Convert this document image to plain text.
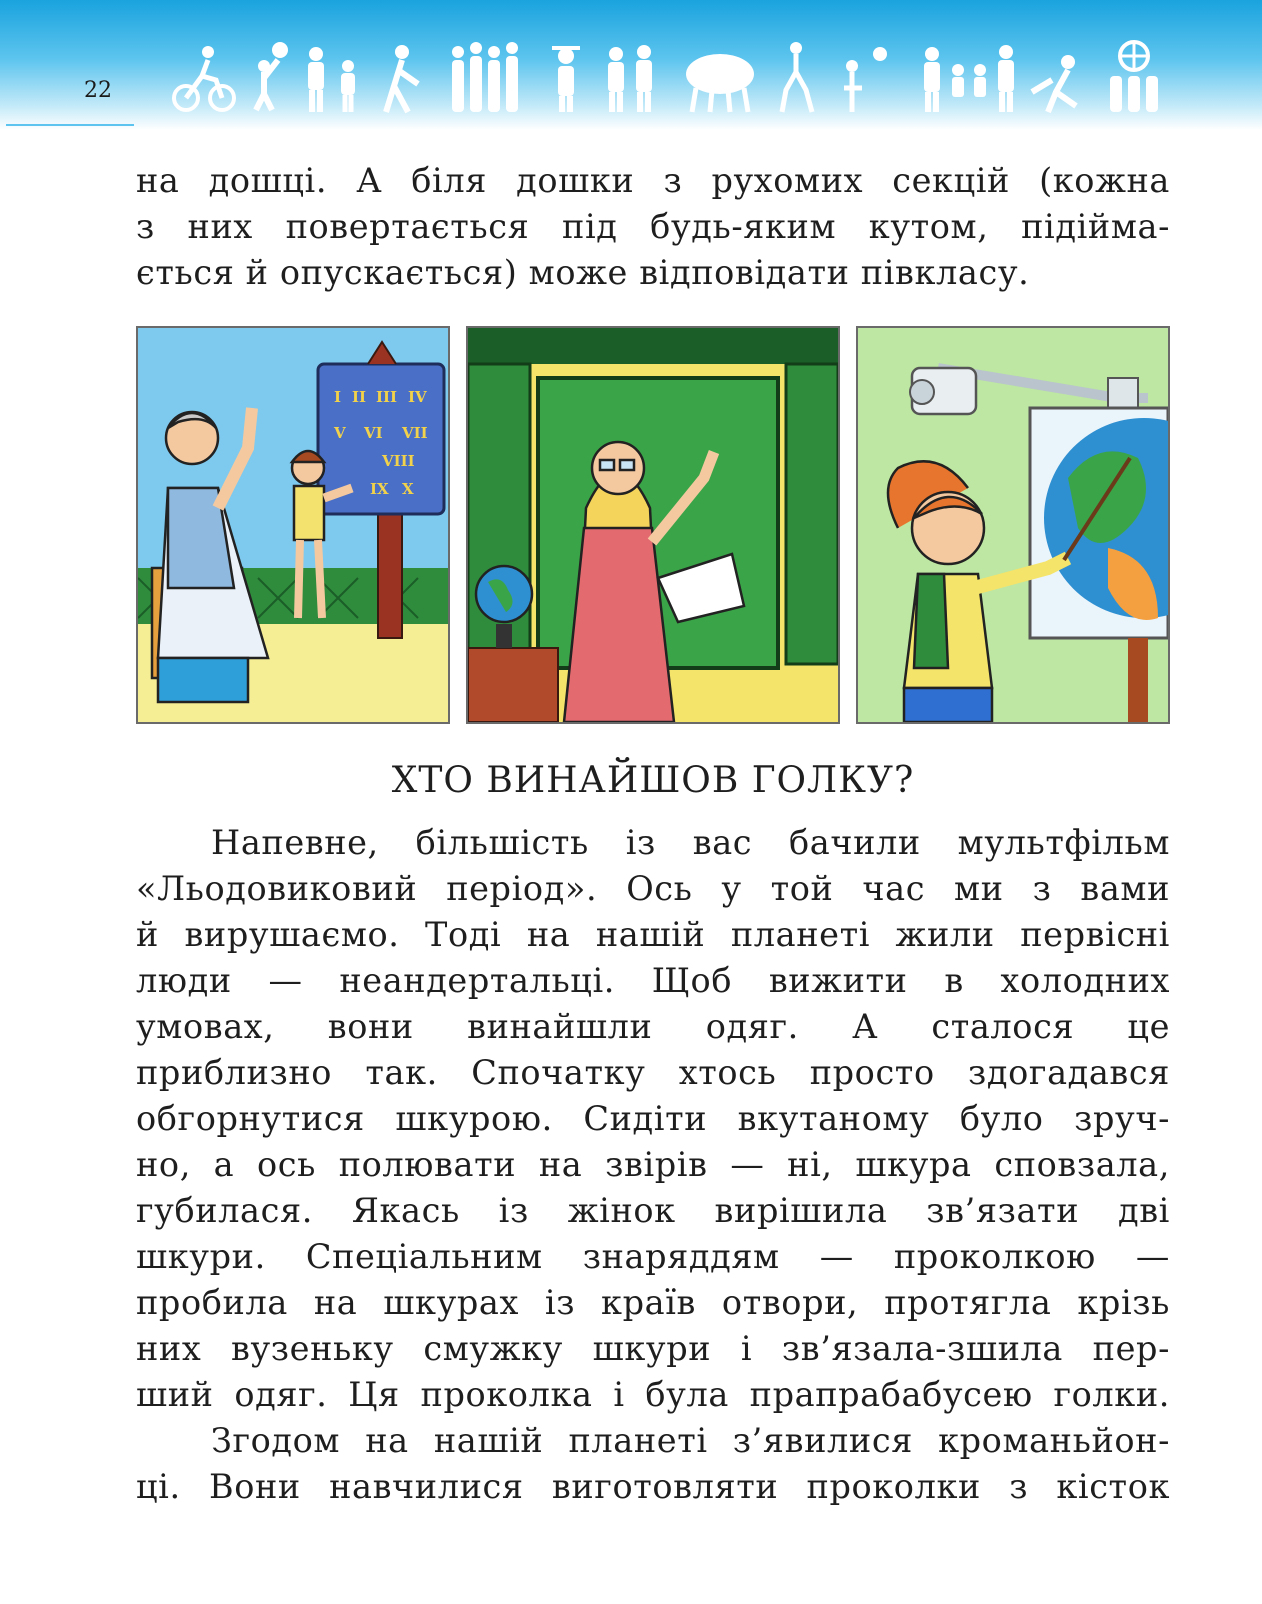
22

на дошці. А біля дошки з рухомих секцій (кожна
з них повертається під будь-яким кутом, підійма-
ється й опускається) може відповідати півкласу.

I II III IV
V VI VII
VIII
IX X
ХТО ВИНАЙШОВ ГОЛКУ?

Напевне, більшість із вас бачили мультфільм
«Льодовиковий період». Ось у той час ми з вами
й вирушаємо. Тоді на нашій планеті жили первісні
люди — неандертальці. Щоб вижити в холодних
умовах, вони винайшли одяг. А сталося це
приблизно так. Спочатку хтось просто здогадався
обгорнутися шкурою. Сидіти вкутаному було зруч-
но, а ось полювати на звірів — ні, шкура сповзала,
губилася. Якась із жінок вирішила зв’язати дві
шкури. Спеціальним знаряддям — проколкою —
пробила на шкурах із країв отвори, протягла крізь
них вузеньку смужку шкури і зв’язала-зшила пер-
ший одяг. Ця проколка і була прапрабабусею голки.

Згодом на нашій планеті з’явилися кроманьйон-
ці. Вони навчилися виготовляти проколки з кісток
